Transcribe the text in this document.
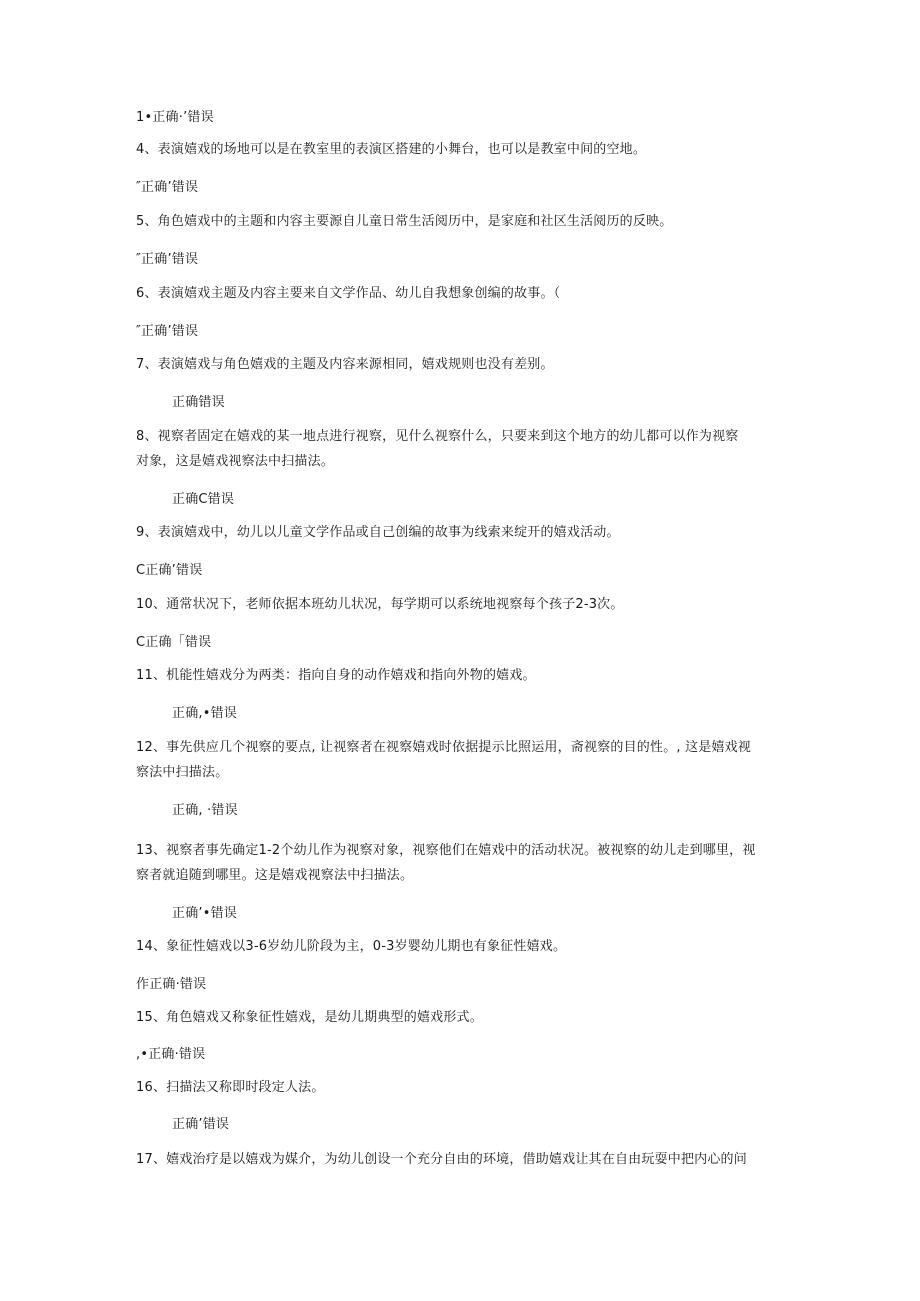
1•正确·’错误
4、表演嬉戏的场地可以是在教室里的表演区搭建的小舞台，也可以是教室中间的空地。
″正确’错误
5、角色嬉戏中的主题和内容主要源自儿童日常生活阅历中，是家庭和社区生活阅历的反映。
″正确’错误
6、表演嬉戏主题及内容主要来自文学作品、幼儿自我想象创编的故事。（
″正确’错误
7、表演嬉戏与角色嬉戏的主题及内容来源相同，嬉戏规则也没有差别。
正确错误
8、视察者固定在嬉戏的某一地点进行视察，见什么视察什么，只要来到这个地方的幼儿都可以作为视察
对象，这是嬉戏视察法中扫描法。
正确C错误
9、表演嬉戏中，幼儿以儿童文学作品或自己创编的故事为线索来绽开的嬉戏活动。
C正确’错误
10、通常状况下，老师依据本班幼儿状况，每学期可以系统地视察每个孩子2-3次。
C正确「错误
11、机能性嬉戏分为两类：指向自身的动作嬉戏和指向外物的嬉戏。
正确,•错误
12、事先供应几个视察的要点, 让视察者在视察嬉戏时依据提示比照运用，斋视察的目的性。, 这是嬉戏视
察法中扫描法。
正确, ·错误
13、视察者事先确定1-2个幼儿作为视察对象，视察他们在嬉戏中的活动状况。被视察的幼儿走到哪里，视
察者就追随到哪里。这是嬉戏视察法中扫描法。
正确’•错误
14、象征性嬉戏以3-6岁幼儿阶段为主，0-3岁婴幼儿期也有象征性嬉戏。
作正确·错误
15、角色嬉戏又称象征性嬉戏，是幼儿期典型的嬉戏形式。
,•正确·错误
16、扫描法又称即时段定人法。
正确’错误
17、嬉戏治疗是以嬉戏为媒介，为幼儿创设一个充分自由的环境，借助嬉戏让其在自由玩耍中把内心的问
